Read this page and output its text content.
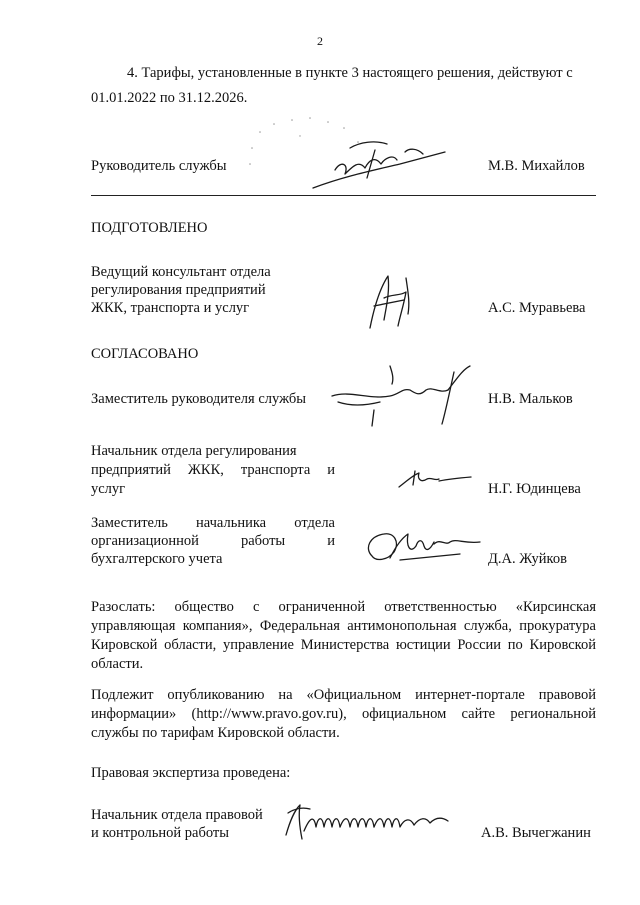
2
4. Тарифы, установленные в пункте 3 настоящего решения, действуют с
01.01.2022 по 31.12.2026.
Руководитель службы	М.В. Михайлов
ПОДГОТОВЛЕНО
Ведущий консультант отдела
регулирования предприятий
ЖКК, транспорта и услуг	А.С. Муравьева
СОГЛАСОВАНО
Заместитель руководителя службы	Н.В. Мальков
Начальник отдела регулирования
предприятий ЖКК, транспорта и
услуг	Н.Г. Юдинцева
Заместитель начальника отдела
организационной работы и
бухгалтерского учета	Д.А. Жуйков
Разослать: общество с ограниченной ответственностью «Кирсинская управляющая компания», Федеральная антимонопольная служба, прокуратура Кировской области, управление Министерства юстиции России по Кировской области.
Подлежит опубликованию на «Официальном интернет-портале правовой информации» (http://www.pravo.gov.ru), официальном сайте региональной службы по тарифам Кировской области.
Правовая экспертиза проведена:
Начальник отдела правовой
и контрольной работы	А.В. Вычегжанин
